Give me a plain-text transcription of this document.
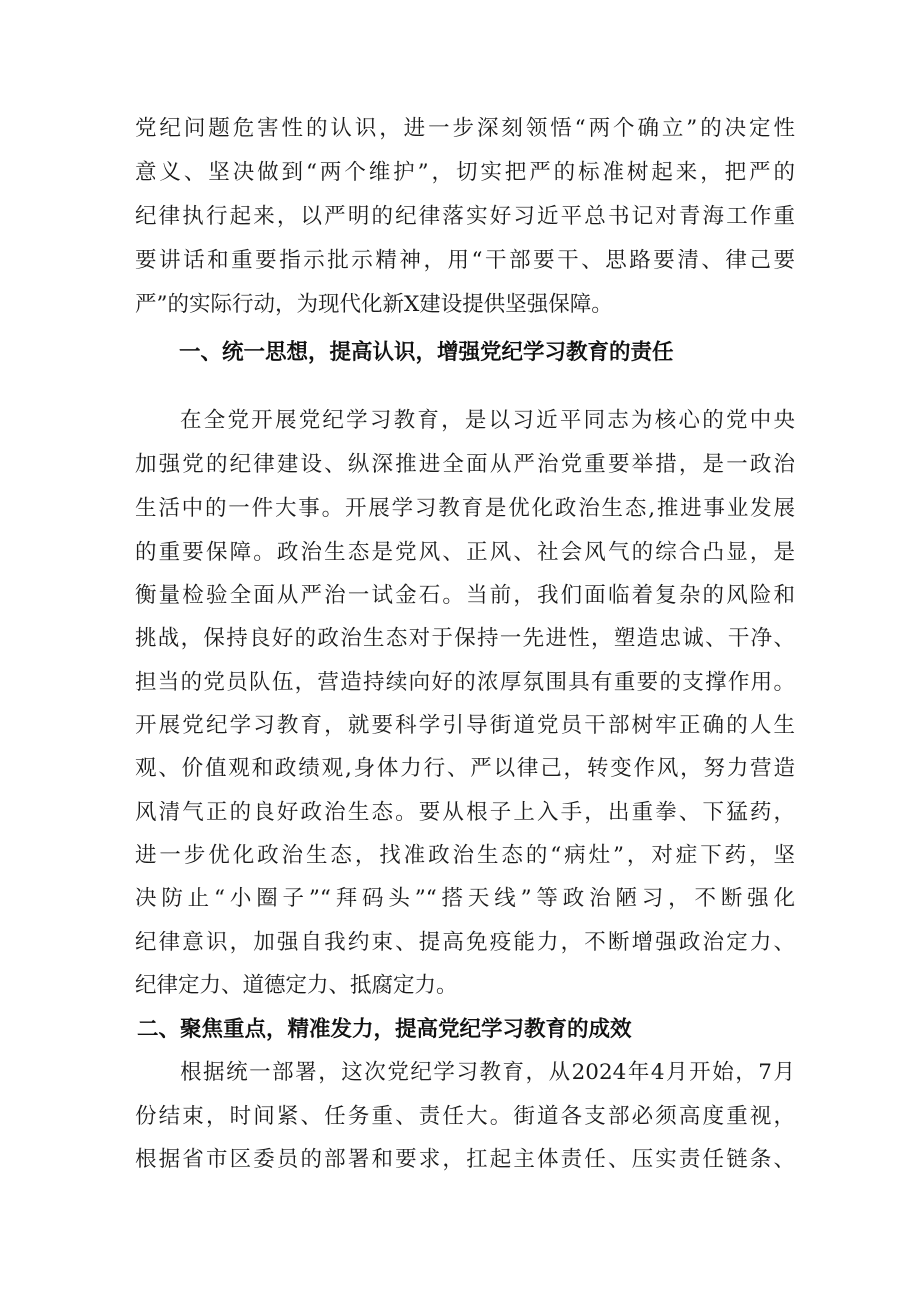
党纪问题危害性的认识，进一步深刻领悟“两个确立”的决定性
意义、坚决做到“两个维护”，切实把严的标准树起来，把严的
纪律执行起来，以严明的纪律落实好习近平总书记对青海工作重
要讲话和重要指示批示精神，用“干部要干、思路要清、律己要
严”的实际行动，为现代化新X建设提供坚强保障。
一、统一思想，提高认识，增强党纪学习教育的责任
在全党开展党纪学习教育，是以习近平同志为核心的党中央
加强党的纪律建设、纵深推进全面从严治党重要举措，是一政治
生活中的一件大事。开展学习教育是优化政治生态,推进事业发展
的重要保障。政治生态是党风、正风、社会风气的综合凸显，是
衡量检验全面从严治一试金石。当前，我们面临着复杂的风险和
挑战，保持良好的政治生态对于保持一先进性，塑造忠诚、干净、
担当的党员队伍，营造持续向好的浓厚氛围具有重要的支撑作用。
开展党纪学习教育，就要科学引导街道党员干部树牢正确的人生
观、价值观和政绩观,身体力行、严以律己，转变作风，努力营造
风清气正的良好政治生态。要从根子上入手，出重拳、下猛药，
进一步优化政治生态，找准政治生态的“病灶”，对症下药，坚
决防止“小圈子”“拜码头”“搭天线”等政治陋习，不断强化
纪律意识，加强自我约束、提高免疫能力，不断增强政治定力、
纪律定力、道德定力、抵腐定力。
二、聚焦重点，精准发力，提高党纪学习教育的成效
根据统一部署，这次党纪学习教育，从2024年4月开始，7月
份结束，时间紧、任务重、责任大。街道各支部必须高度重视，
根据省市区委员的部署和要求，扛起主体责任、压实责任链条、
